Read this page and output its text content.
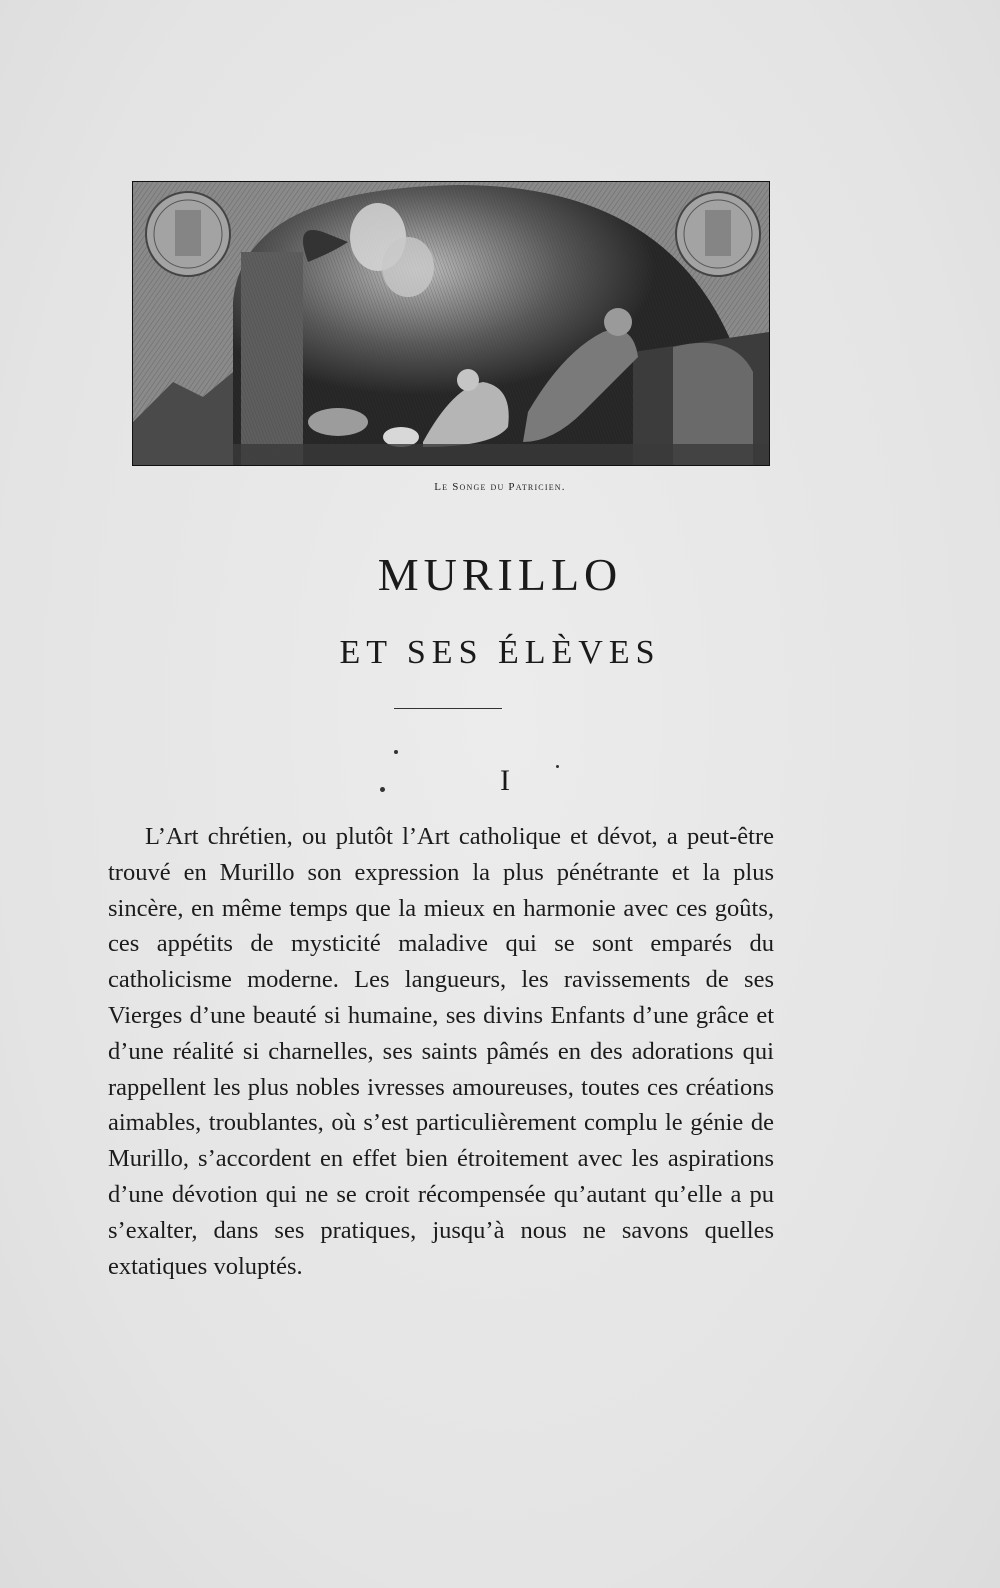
Le Songe du Patricien.
MURILLO
ET SES ÉLÈVES
I

L’Art chrétien, ou plutôt l’Art catholique et dévot, a peut-être trouvé en Murillo son expression la plus pénétrante et la plus sincère, en même temps que la mieux en harmonie avec ces goûts, ces appétits de mysticité maladive qui se sont emparés du catholicisme moderne. Les langueurs, les ravissements de ses Vierges d’une beauté si humaine, ses divins Enfants d’une grâce et d’une réalité si charnelles, ses saints pâmés en des adorations qui rappellent les plus nobles ivresses amoureuses, toutes ces créations aimables, troublantes, où s’est particulièrement complu le génie de Murillo, s’accordent en effet bien étroitement avec les aspirations d’une dévotion qui ne se croit récompensée qu’autant qu’elle a pu s’exalter, dans ses pratiques, jusqu’à nous ne savons quelles extatiques voluptés.
